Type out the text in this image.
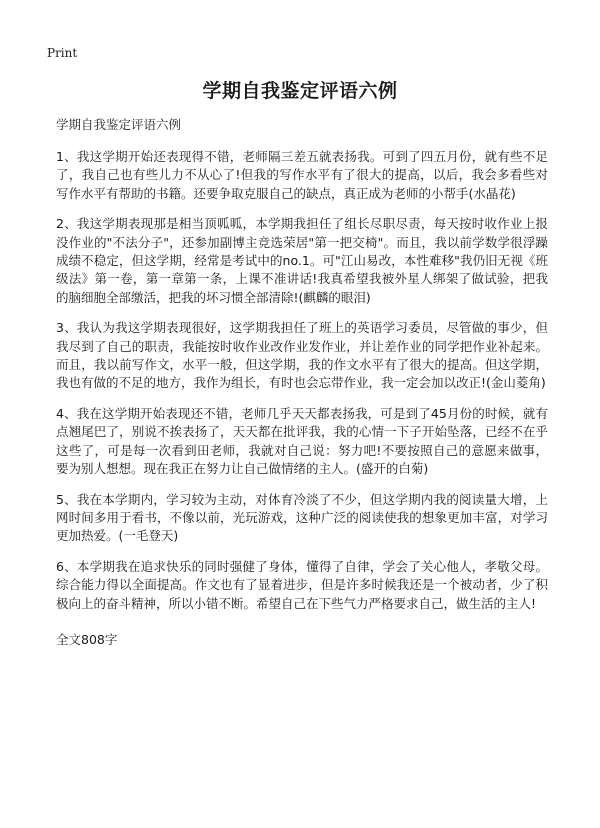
Print
学期自我鉴定评语六例

学期自我鉴定评语六例

1、我这学期开始还表现得不错，老师隔三差五就表扬我。可到了四五月份，就有些不足了，我自己也有些儿力不从心了!但我的写作水平有了很大的提高，以后，我会多看些对写作水平有帮助的书籍。还要争取克服自己的缺点，真正成为老师的小帮手(水晶花)

2、我这学期表现那是相当顶呱呱，本学期我担任了组长尽职尽责，每天按时收作业上报没作业的"不法分子"，还参加副博主竞选荣居"第一把交椅"。而且，我以前学数学很浮躁成绩不稳定，但这学期，经常是考试中的no.1。可"江山易改，本性难移"我仍旧无视《班级法》第一卷，第一章第一条，上课不准讲话!我真希望我被外星人绑架了做试验，把我的脑细胞全部缴活，把我的坏习惯全部清除!(麒麟的眼泪)

3、我认为我这学期表现很好，这学期我担任了班上的英语学习委员，尽管做的事少，但我尽到了自己的职责，我能按时收作业改作业发作业，并让差作业的同学把作业补起来。而且，我以前写作文，水平一般，但这学期，我的作文水平有了很大的提高。但这学期，我也有做的不足的地方，我作为组长，有时也会忘带作业，我一定会加以改正!(金山菱角)

4、我在这学期开始表现还不错，老师几乎天天都表扬我，可是到了45月份的时候，就有点翘尾巴了，别说不挨表扬了，天天都在批评我，我的心情一下子开始坠落，已经不在乎这些了，可是每一次看到田老师，我就对自己说：努力吧!不要按照自己的意愿来做事，要为别人想想。现在我正在努力让自己做情绪的主人。(盛开的白菊)

5、我在本学期内，学习较为主动，对体育冷淡了不少，但这学期内我的阅读量大增，上网时间多用于看书，不像以前，光玩游戏，这种广泛的阅读使我的想象更加丰富，对学习更加热爱。(一毛登天)

6、本学期我在追求快乐的同时强健了身体，懂得了自律，学会了关心他人，孝敬父母。综合能力得以全面提高。作文也有了显着进步，但是许多时候我还是一个被动者，少了积极向上的奋斗精神，所以小错不断。希望自己在下些气力严格要求自己，做生活的主人!

全文808字
